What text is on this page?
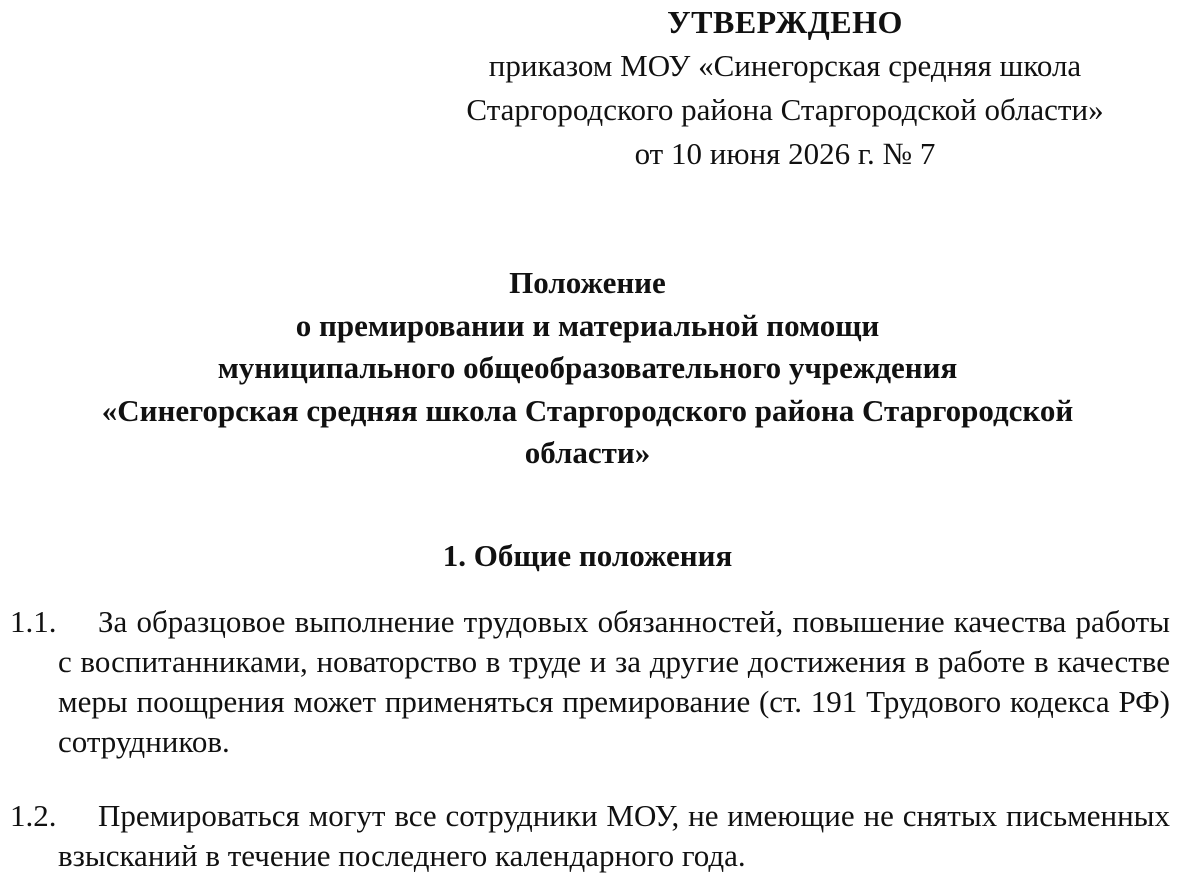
УТВЕРЖДЕНО
приказом МОУ «Синегорская средняя школа
Старгородского района Старгородской области»
от 10 июня 2026 г. № 7
Положение
о премировании и материальной помощи
муниципального общеобразовательного учреждения
«Синегорская средняя школа Старгородского района Старгородской
области»
1. Общие положения
1.1.	За образцовое выполнение трудовых обязанностей, повышение качества работы с воспитанниками, новаторство в труде и за другие достижения в работе в качестве меры поощрения может применяться премирование (ст. 191 Трудового кодекса РФ) сотрудников.
1.2.	Премироваться могут все сотрудники МОУ, не имеющие не снятых письменных взысканий в течение последнего календарного года.
